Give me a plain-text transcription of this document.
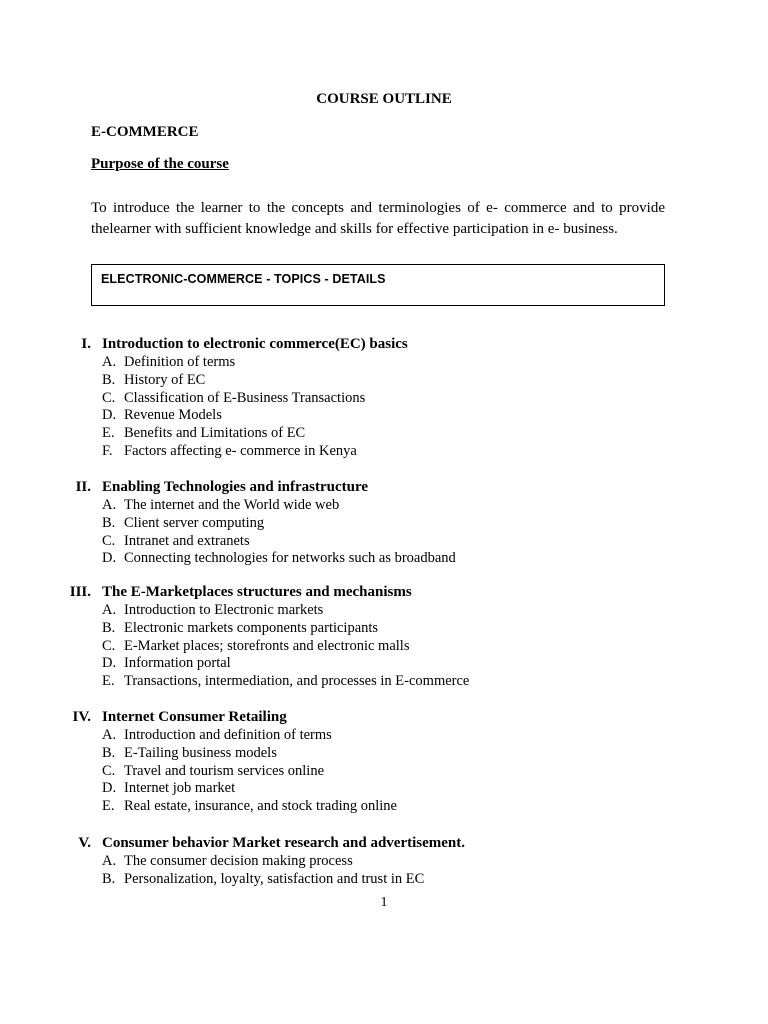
COURSE OUTLINE
E-COMMERCE
Purpose of the course
To introduce the learner to the concepts and terminologies of e- commerce and to provide thelearner with sufficient knowledge and skills for effective participation in e- business.
ELECTRONIC-COMMERCE - TOPICS - DETAILS
I. Introduction to electronic commerce(EC) basics
A. Definition of terms
B. History of EC
C. Classification of E-Business Transactions
D. Revenue Models
E. Benefits and Limitations of EC
F. Factors affecting e- commerce in Kenya
II. Enabling Technologies and infrastructure
A. The internet and the World wide web
B. Client server computing
C. Intranet and extranets
D. Connecting technologies for networks such as broadband
III. The E-Marketplaces structures and mechanisms
A. Introduction to Electronic markets
B. Electronic markets components participants
C. E-Market places; storefronts and electronic malls
D. Information portal
E. Transactions, intermediation, and processes in E-commerce
IV. Internet Consumer Retailing
A. Introduction and definition of terms
B. E-Tailing business models
C. Travel and tourism services online
D. Internet job market
E. Real estate, insurance, and stock trading online
V. Consumer behavior Market research and advertisement.
A. The consumer decision making process
B. Personalization, loyalty, satisfaction and trust in EC
1
